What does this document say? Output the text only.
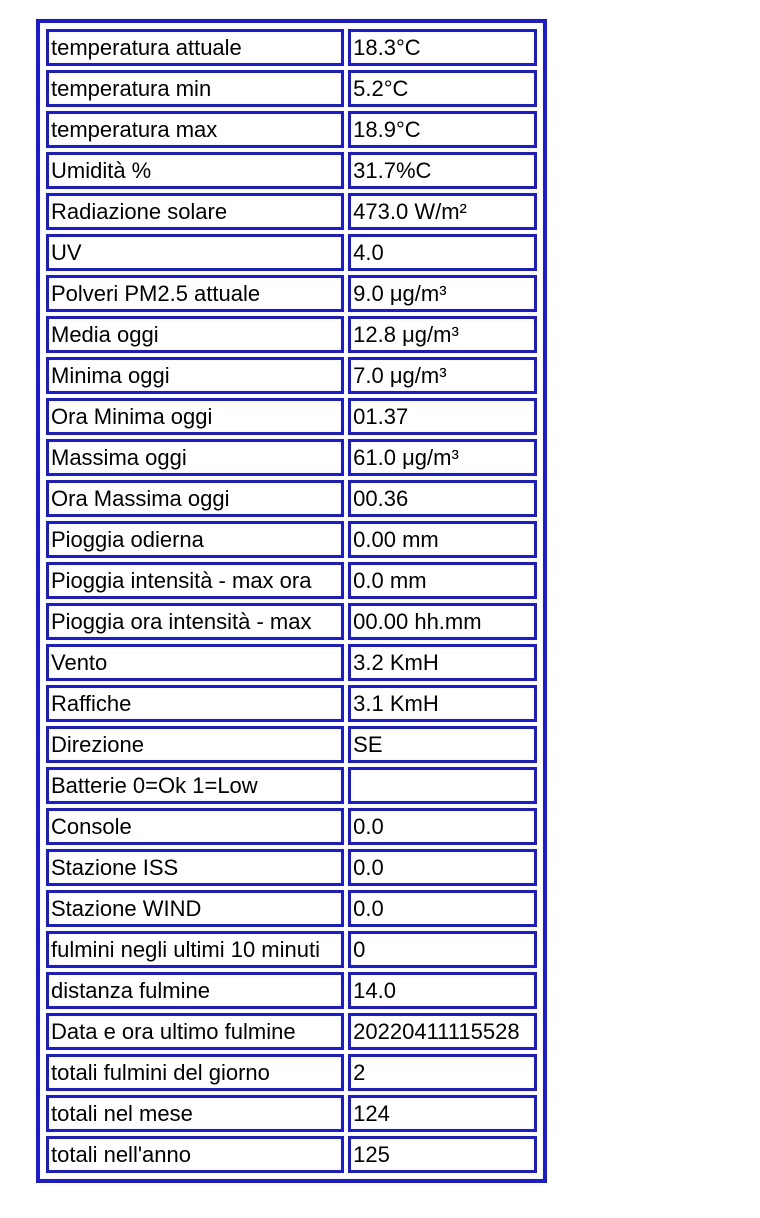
temperatura attuale	18.3°C
temperatura min	5.2°C
temperatura max	18.9°C
Umidità %	31.7%C
Radiazione solare	473.0 W/m²
UV	4.0
Polveri PM2.5 attuale	9.0 μg/m³
Media oggi	12.8 μg/m³
Minima oggi	7.0 μg/m³
Ora Minima oggi	01.37
Massima oggi	61.0 μg/m³
Ora Massima oggi	00.36
Pioggia odierna	0.00 mm
Pioggia intensità - max ora	0.0 mm
Pioggia ora intensità - max	00.00 hh.mm
Vento	3.2 KmH
Raffiche	3.1 KmH
Direzione	SE
Batterie 0=Ok 1=Low	
Console	0.0
Stazione ISS	0.0
Stazione WIND	0.0
fulmini negli ultimi 10 minuti	0
distanza fulmine	14.0
Data e ora ultimo fulmine	20220411115528
totali fulmini del giorno	2
totali nel mese	124
totali nell'anno	125
